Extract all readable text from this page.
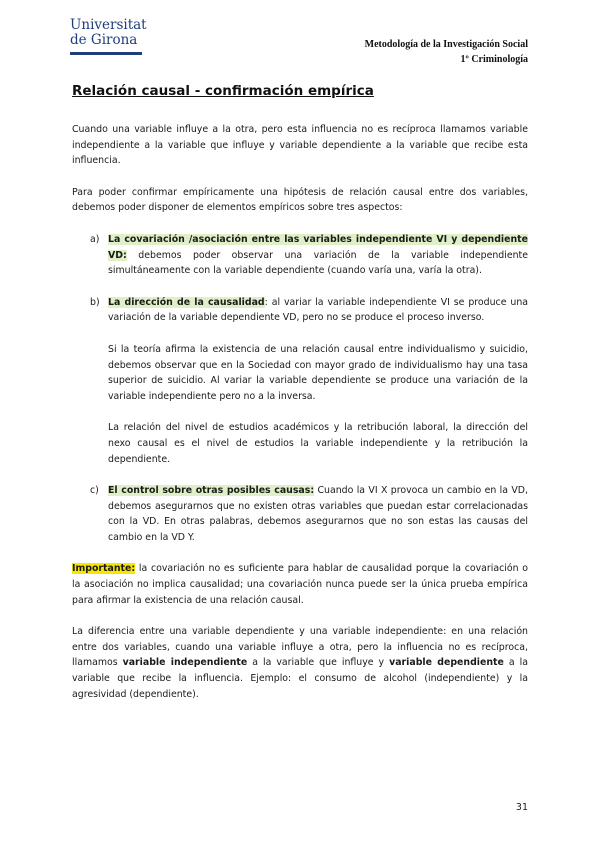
Universitat
de Girona	Metodología de la Investigación Social
1º Criminología
Relación causal - confirmación empírica

Cuando una variable influye a la otra, pero esta influencia no es recíproca llamamos variable independiente a la variable que influye y variable dependiente a la variable que recibe esta influencia.

Para poder confirmar empíricamente una hipótesis de relación causal entre dos variables, debemos poder disponer de elementos empíricos sobre tres aspectos:

a) La covariación /asociación entre las variables independiente VI y dependiente VD: debemos poder observar una variación de la variable independiente simultáneamente con la variable dependiente (cuando varía una, varía la otra).
b) La dirección de la causalidad: al variar la variable independiente VI se produce una variación de la variable dependiente VD, pero no se produce el proceso inverso.

Si la teoría afirma la existencia de una relación causal entre individualismo y suicidio, debemos observar que en la Sociedad con mayor grado de individualismo hay una tasa superior de suicidio. Al variar la variable dependiente se produce una variación de la variable independiente pero no a la inversa.

La relación del nivel de estudios académicos y la retribución laboral, la dirección del nexo causal es el nivel de estudios la variable independiente y la retribución la dependiente.

c) El control sobre otras posibles causas: Cuando la VI X provoca un cambio en la VD, debemos asegurarnos que no existen otras variables que puedan estar correlacionadas con la VD. En otras palabras, debemos asegurarnos que no son estas las causas del cambio en la VD Y.

Importante: la covariación no es suficiente para hablar de causalidad porque la covariación o la asociación no implica causalidad; una covariación nunca puede ser la única prueba empírica para afirmar la existencia de una relación causal.

La diferencia entre una variable dependiente y una variable independiente: en una relación entre dos variables, cuando una variable influye a otra, pero la influencia no es recíproca, llamamos variable independiente a la variable que influye y variable dependiente a la variable que recibe la influencia. Ejemplo: el consumo de alcohol (independiente) y la agresividad (dependiente).

31
